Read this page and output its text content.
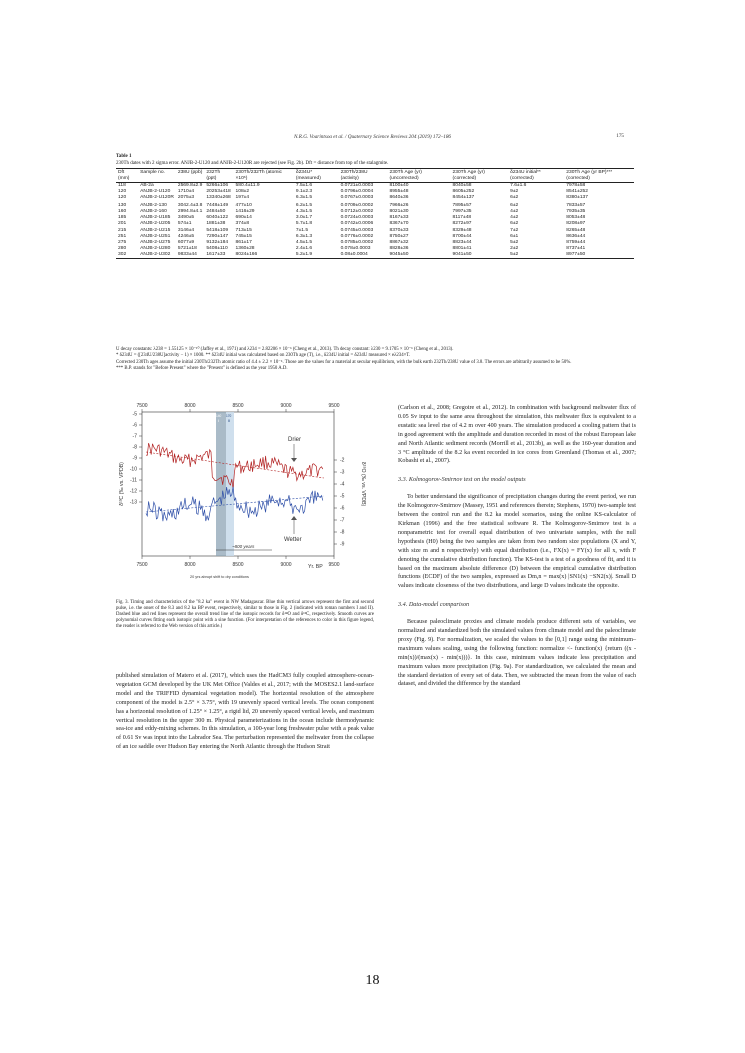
N.R.G. Voarintsoa et al. / Quaternary Science Reviews 204 (2019) 172–186	175
Table 1
230Th dates with 2 sigma error. ANJB-2-U120 and ANJB-2-U120R are rejected (see Fig. 2b). Dft = distance from top of the stalagmite.
Dft (mm)	Sample no.	238U (ppb)	232Th (ppt)	230Th/232Th (atomic ×10⁶)	δ234U* (measured)	230Th/238U (activity)	230Th Age (yr) (uncorrected)	230Th Age (yr) (corrected)	δ234U initial** (corrected)	230Th Age (yr BP)*** (corrected)
118	AB-2a	2569.8±2.9	5266±106	580.4±11.9	7.5±1.6	0.0721±0.0003	8100±40	8040±58	7.6±1.6	7978±58
120	ANJB-2-U120	1710±4	20253±418	108±2	9.1±2.3	0.0796±0.0004	8955±48	8605±252	9±2	8541±252
120	ANJB-2-U120R	2075±3	13340±268	197±4	6.3±1.5	0.0767±0.0003	8640±36	8454±137	6±2	8380±137
130	ANJB-2-130	3042.4±3.8	7448±149	477±10	6.2±1.5	0.0709±0.0002	7966±26	7895±57	6±2	7833±57
160	ANJB-2-160	2994.8±4.1	2484±50	1416±29	4.3±1.5	0.0712±0.0002	8021±30	7997±35	4±2	7935±35
185	ANJB-2-U185	3490±5	6040±122	690±14	3.0±1.7	0.0724±0.0003	8167±33	8117±48	4±2	8053±48
201	ANJB-2-U205	574±1	1881±38	374±8	5.7±1.8	0.0742±0.0006	8367±70	8272±97	6±2	8208±97
215	ANJB-2-U215	3146±4	5418±109	713±15	7±1.5	0.0745±0.0003	8370±33	8329±48	7±2	8265±48
251	ANJB-2-U251	4246±5	7290±147	745±15	6.3±1.3	0.0776±0.0002	8750±27	8700±44	6±1	8636±44
275	ANJB-2-U275	6077±9	9132±184	861±17	4.5±1.5	0.0785±0.0002	8867±32	8823±44	5±2	8759±44
280	ANJB-2-U280	5721±18	5408±110	1360±28	2.4±1.6	0.078±0.0003	8828±36	8801±41	2±2	8737±41
302	ANJB-2-U302	9833±44	1617±33	8024±166	5.2±1.9	0.08±0.0004	9045±50	9041±50	5±2	8977±50
U decay constants: λ238 = 1.55125 × 10⁻¹⁰ (Jaffey et al., 1971) and λ234 = 2.82206 × 10⁻⁶ (Cheng et al., 2013). Th decay constant: λ230 = 9.1705 × 10⁻⁶ (Cheng et al., 2013).
* δ234U = ([234U/238U]activity − 1) × 1000. ** δ234U initial was calculated based on 230Th age (T), i.e., δ234U initial = δ234U measured × eλ234×T.
Corrected 230Th ages assume the initial 230Th/232Th atomic ratio of 4.4 ± 2.2 × 10⁻⁶. Those are the values for a material at secular equilibrium, with the bulk earth 232Th/238U value of 3.8. The errors are arbitrarily assumed to be 50%.
*** B.P. stands for "Before Present" where the "Present" is defined as the year 1950 A.D.
7500	8000	8500	9000	9500
7500	8000	8500	9000	9500
-5
-6
-7
-8
-9
-10
-11
-12
-13
-2
-3
-4
-5
-6
-7
-8
-9
Drier
Wetter
~800 years
I II
140 170
Yr. BP
20 yrs abrupt shift to dry conditions
δ¹³C (‰ vs. VPDB)	δ¹⁸O (‰ vs. VPDB)
Fig. 3. Timing and characteristics of the "8.2 ka" event in NW Madagascar. Blue thin vertical arrows represent the first and second pulse, i.e. the onset of the 8.3 and 8.2 ka BP event, respectively, similar to those in Fig. 2 (indicated with roman numbers I and II). Dashed blue and red lines represent the overall trend line of the isotopic records for δ¹⁸O and δ¹³C, respectively. Smooth curves are polynomial curves fitting each isotopic point with a sine function. (For interpretation of the references to color in this figure legend, the reader is referred to the Web version of this article.)

published simulation of Matero et al. (2017), which uses the HadCM3 fully coupled atmosphere-ocean-vegetation GCM developed by the UK Met Office (Valdes et al., 2017; with the MOSES2.1 land-surface model and the TRIFFID dynamical vegetation model). The horizontal resolution of the atmosphere component of the model is 2.5° × 3.75°, with 19 unevenly spaced vertical levels. The ocean component has a horizontal resolution of 1.25° × 1.25°, a rigid lid, 20 unevenly spaced vertical levels, and maximum vertical resolution in the upper 300 m. Physical parameterizations in the ocean include thermodynamic sea-ice and eddy-mixing schemes. In this simulation, a 100-year long freshwater pulse with a peak value of 0.61 Sv was input into the Labrador Sea. The perturbation represented the meltwater from the collapse of an ice saddle over Hudson Bay entering the North Atlantic through the Hudson Strait

(Carlson et al., 2008; Gregoire et al., 2012). In combination with background meltwater flux of 0.05 Sv input to the same area throughout the simulation, this meltwater flux is equivalent to a eustatic sea level rise of 4.2 m over 400 years. The simulation produced a cooling pattern that is in good agreement with the amplitude and duration recorded in most of the robust European lake and North Atlantic sediment records (Morrill et al., 2013b), as well as the 160-year duration and 3 °C amplitude of the 8.2 ka event recorded in ice cores from Greenland (Thomas et al., 2007; Kobashi et al., 2007).

3.3. Kolmogorov-Smirnov test on the model outputs

To better understand the significance of precipitation changes during the event period, we run the Kolmogorov-Smirnov (Massey, 1951 and references therein; Stephens, 1970) two-sample test between the control run and the 8.2 ka model scenarios, using the online KS-calculator of Kirkman (1996) and the free statistical software R. The Kolmogorov-Smirnov test is a nonparametric test for overall equal distribution of two univariate samples, with the null hypothesis (H0) being the two samples are taken from two random size populations (X and Y, with size m and n respectively) with equal distribution (i.e., FX(x) = FY(x) for all x, with F denoting the cumulative distribution function). The KS-test is a test of a goodness of fit, and it is based on the maximum absolute difference (D) between the empirical cumulative distribution functions (ECDF) of the two samples, expressed as Dm,n = max(x) |SN1(x) −SN2(x)|. Small D values indicate closeness of the two distributions, and large D values indicate the opposite.

3.4. Data-model comparison

Because paleoclimate proxies and climate models produce different sets of variables, we normalized and standardized both the simulated values from climate model and the paleoclimate proxy (Fig. 9). For normalization, we scaled the values to the [0,1] range using the minimum–maximum values scaling, using the following function: normalize <- function(x) {return ((x - min(x))/(max(x) - min(x)))}. In this case, minimum values indicate less precipitation and maximum values more precipitation (Fig. 9a). For standardization, we calculated the mean and the standard deviation of every set of data. Then, we subtracted the mean from the value of each dataset, and divided the difference by the standard

18
